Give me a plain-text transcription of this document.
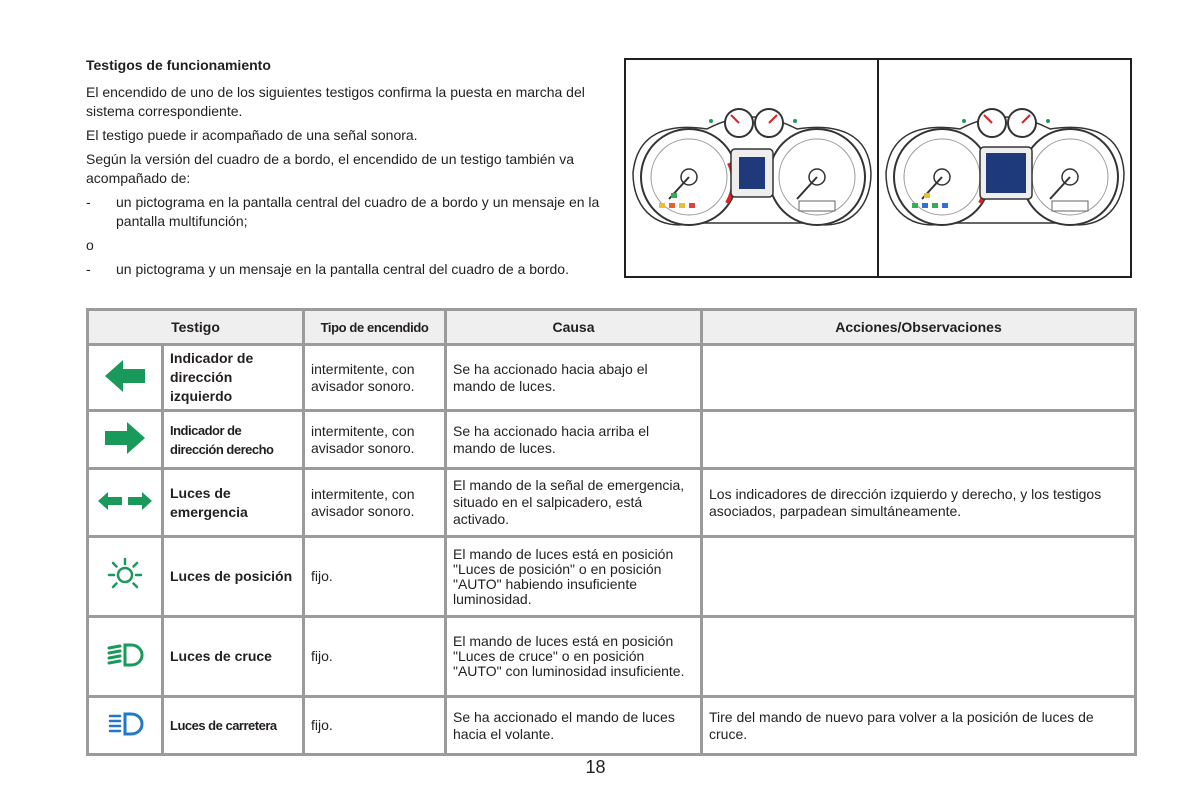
Testigos de funcionamiento

El encendido de uno de los siguientes testigos confirma la puesta en marcha del sistema correspondiente.

El testigo puede ir acompañado de una señal sonora.

Según la versión del cuadro de a bordo, el encendido de un testigo también va acompañado de:

-	un pictograma en la pantalla central del cuadro de a bordo y un mensaje en la pantalla multifunción;

o

-	un pictograma y un mensaje en la pantalla central del cuadro de a bordo.
Testigo		Tipo de encendido	Causa	Acciones/Observaciones
	Indicador de dirección izquierdo	intermitente, con avisador sonoro.	Se ha accionado hacia abajo el mando de luces.	
	Indicador de dirección derecho	intermitente, con avisador sonoro.	Se ha accionado hacia arriba el mando de luces.	
	Luces de emergencia	intermitente, con avisador sonoro.	El mando de la señal de emergencia, situado en el salpicadero, está activado.	Los indicadores de dirección izquierdo y derecho, y los testigos asociados, parpadean simultáneamente.
	Luces de posición	fijo.	El mando de luces está en posición "Luces de posición" o en posición "AUTO" habiendo insuficiente luminosidad.	
	Luces de cruce	fijo.	El mando de luces está en posición "Luces de cruce" o en posición "AUTO" con luminosidad insuficiente.	
	Luces de carretera	fijo.	Se ha accionado el mando de luces hacia el volante.	Tire del mando de nuevo para volver a la posición de luces de cruce.
18
